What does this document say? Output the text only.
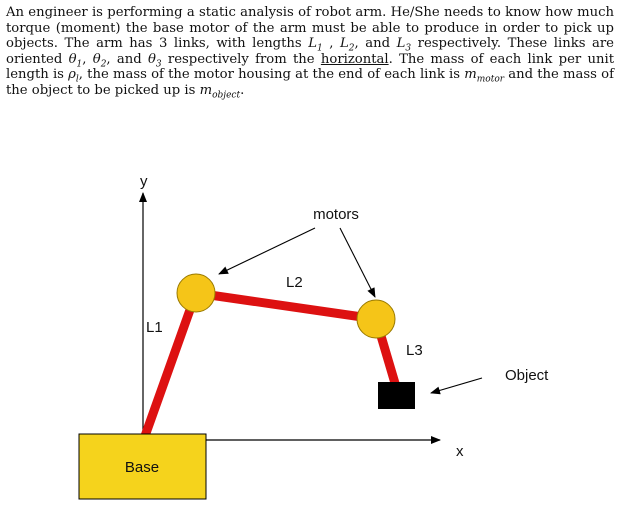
An engineer is performing a static analysis of robot arm. He/She needs to know how much torque (moment) the base motor of the arm must be able to produce in order to pick up objects. The arm has 3 links, with lengths $L_1$ , $L_2$, and $L_3$ respectively. These links are oriented $\theta_1$, $\theta_2$, and $\theta_3$ respectively from the horizontal. The mass of each link per unit length is $\rho_l$, the mass of the motor housing at the end of each link is $m_{motor}$ and the mass of the object to be picked up is $m_{object}$.

y
x
Base
motors
L1
L2
L3
Object
